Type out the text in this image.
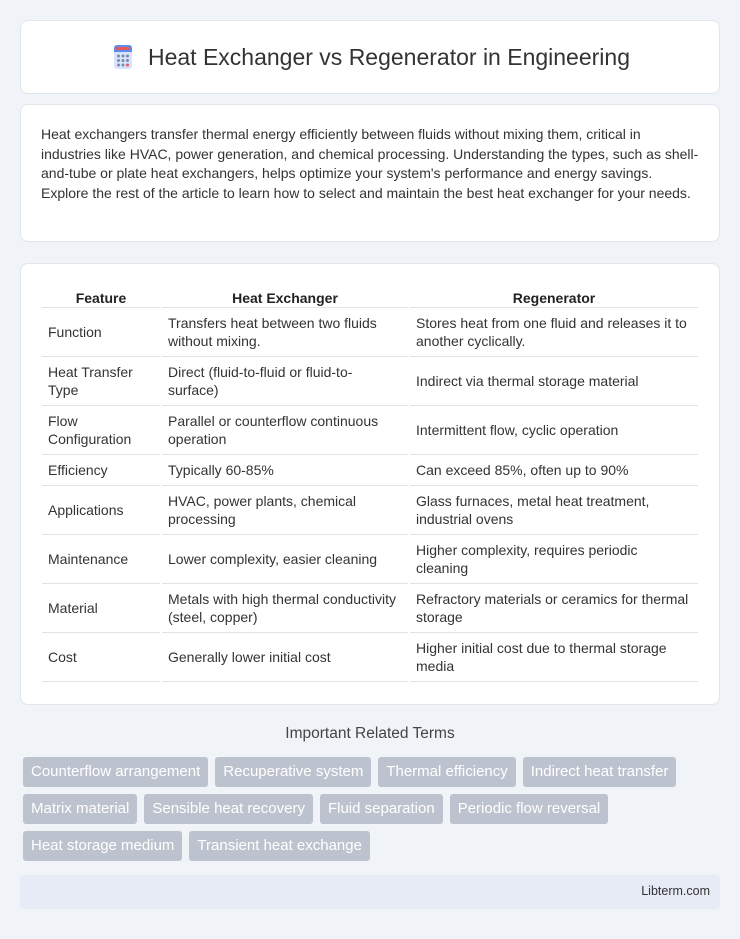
Heat Exchanger vs Regenerator in Engineering

Heat exchangers transfer thermal energy efficiently between fluids without mixing them, critical in industries like HVAC, power generation, and chemical processing. Understanding the types, such as shell-and-tube or plate heat exchangers, helps optimize your system's performance and energy savings. Explore the rest of the article to learn how to select and maintain the best heat exchanger for your needs.

Feature	Heat Exchanger	Regenerator
Function	Transfers heat between two fluids without mixing.	Stores heat from one fluid and releases it to another cyclically.
Heat Transfer Type	Direct (fluid-to-fluid or fluid-to-surface)	Indirect via thermal storage material
Flow Configuration	Parallel or counterflow continuous operation	Intermittent flow, cyclic operation
Efficiency	Typically 60-85%	Can exceed 85%, often up to 90%
Applications	HVAC, power plants, chemical processing	Glass furnaces, metal heat treatment, industrial ovens
Maintenance	Lower complexity, easier cleaning	Higher complexity, requires periodic cleaning
Material	Metals with high thermal conductivity (steel, copper)	Refractory materials or ceramics for thermal storage
Cost	Generally lower initial cost	Higher initial cost due to thermal storage media
Important Related Terms
Counterflow arrangement	Recuperative system	Thermal efficiency	Indirect heat transfer
Matrix material	Sensible heat recovery	Fluid separation	Periodic flow reversal
Heat storage medium	Transient heat exchange
Libterm.com
